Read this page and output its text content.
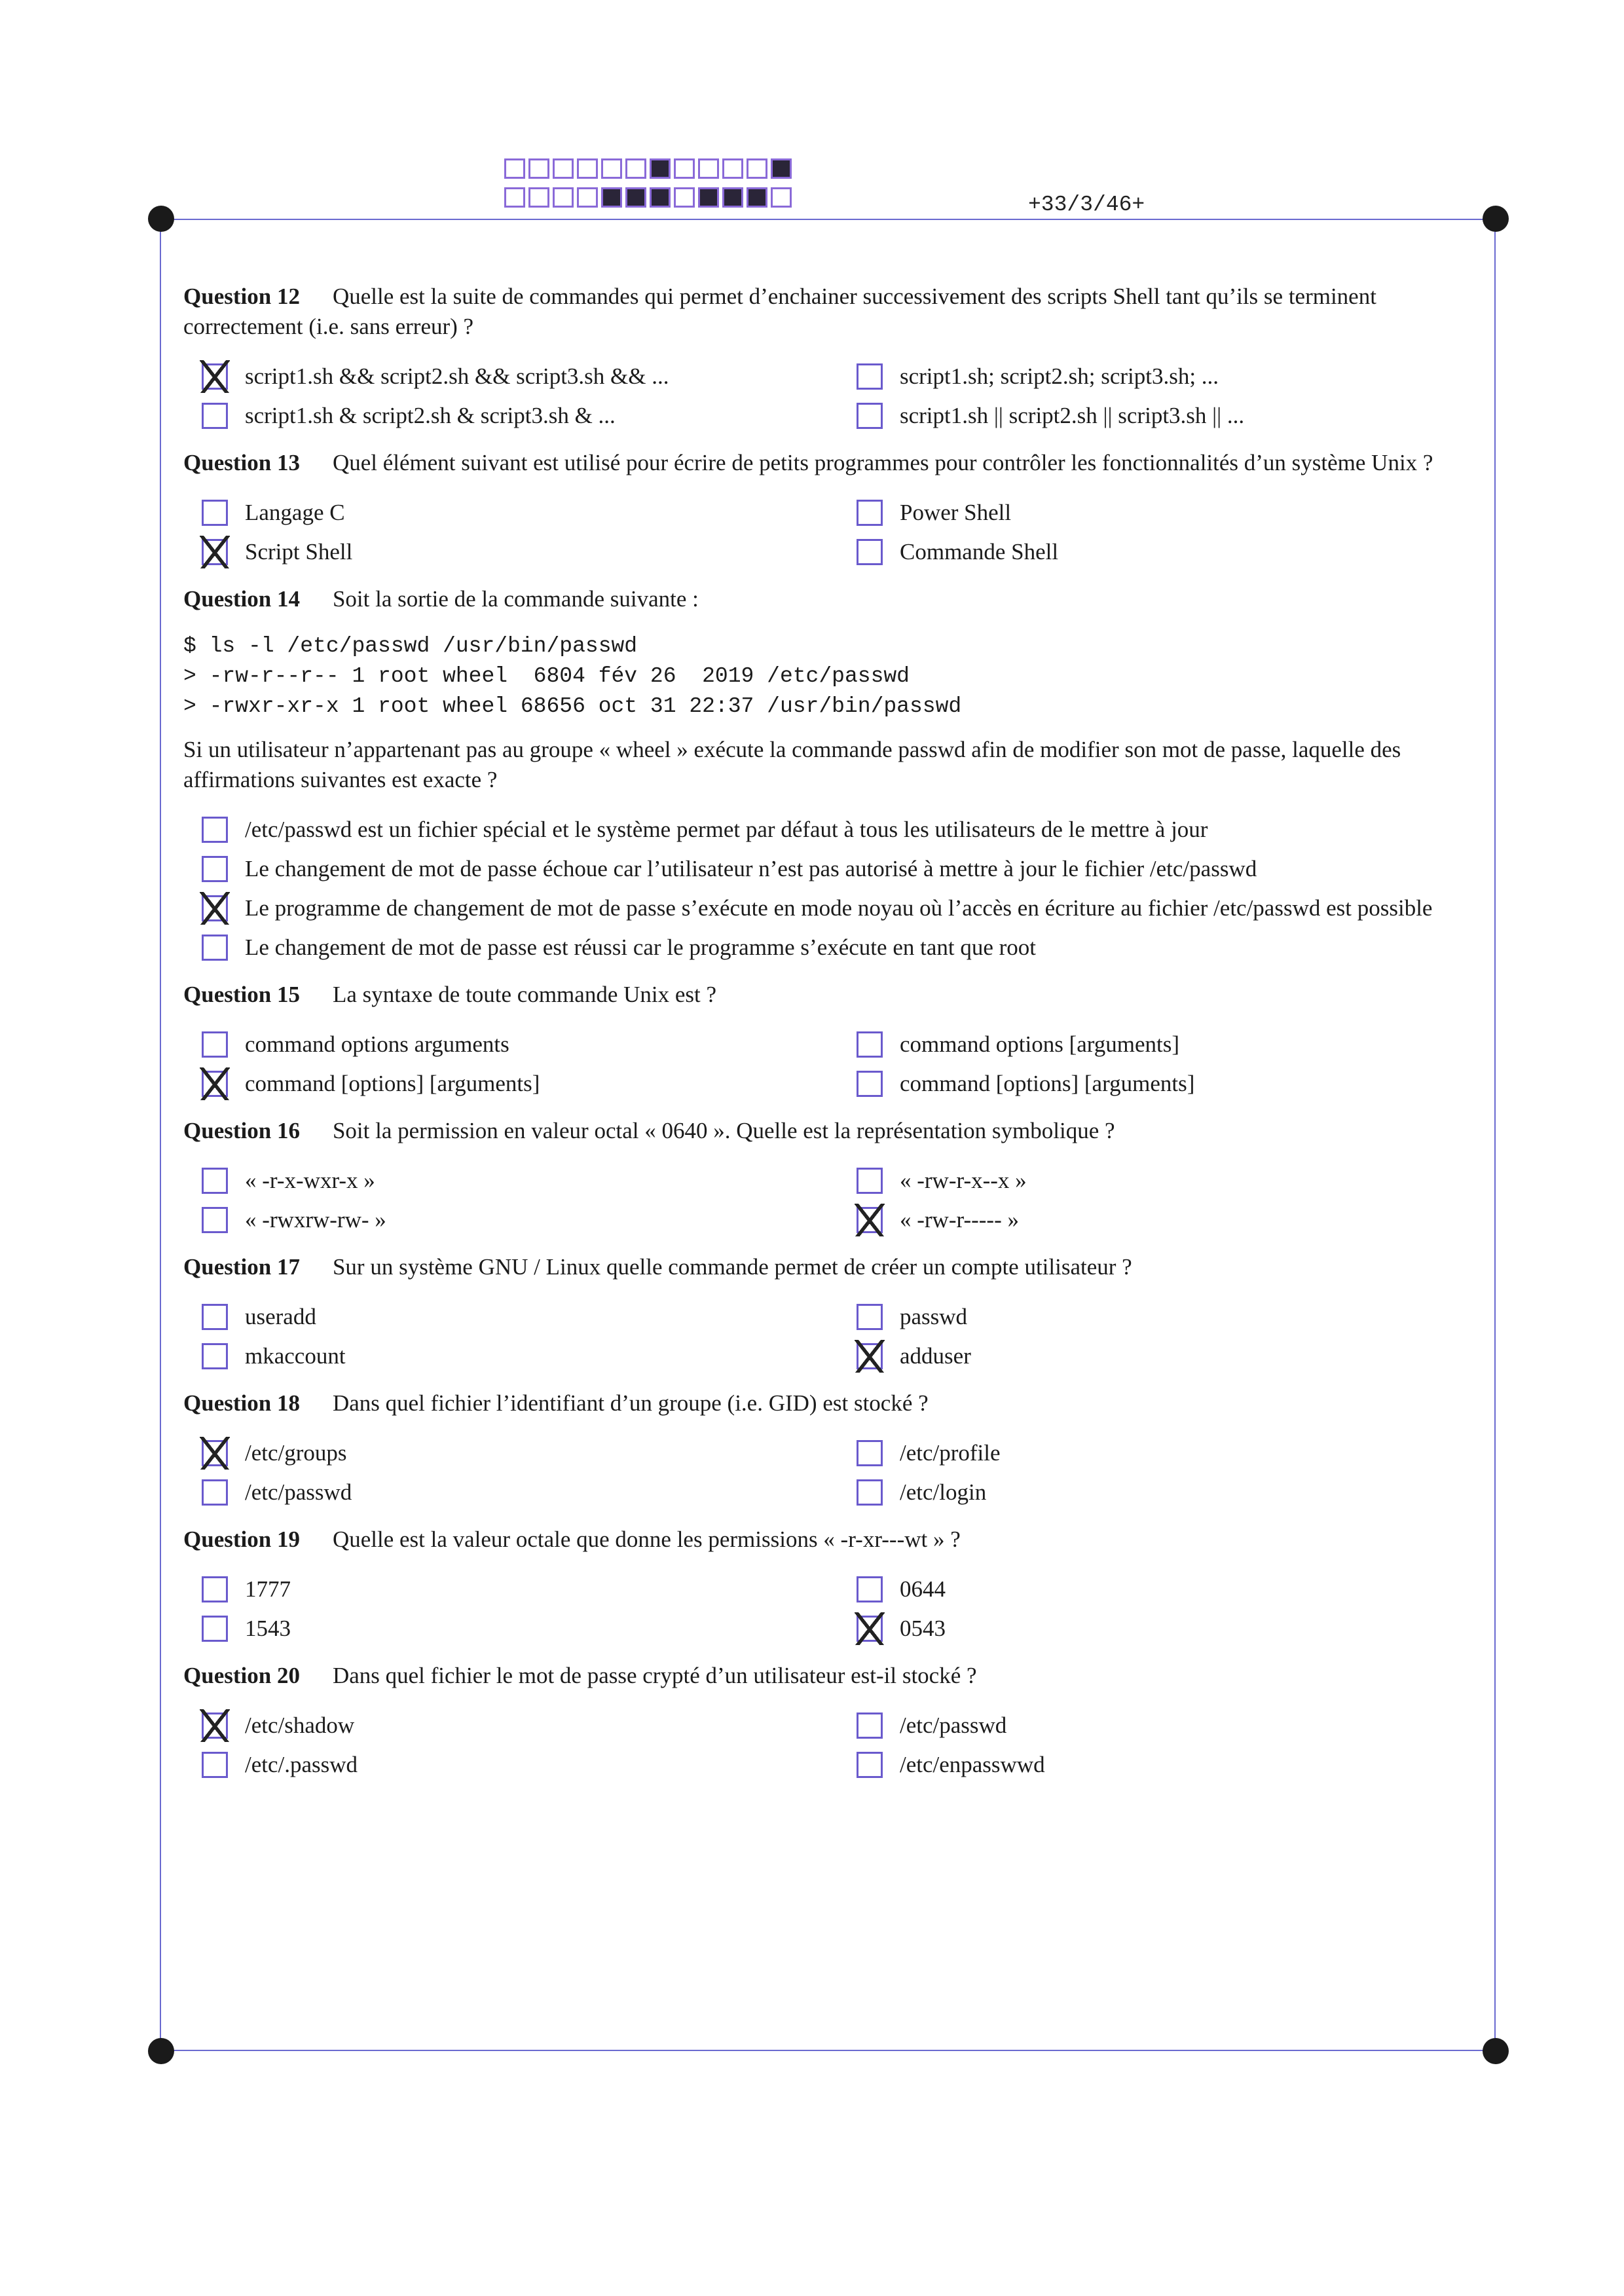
+33/3/46+

Question 12 Quelle est la suite de commandes qui permet d’enchainer successivement des scripts Shell tant qu’ils se terminent correctement (i.e. sans erreur) ?

script1.sh && script2.sh && script3.sh && ...	script1.sh; script2.sh; script3.sh; ...
script1.sh & script2.sh & script3.sh & ...	script1.sh || script2.sh || script3.sh || ...

Question 13 Quel élément suivant est utilisé pour écrire de petits programmes pour contrôler les fonctionnalités d’un système Unix ?

Langage C	Power Shell
Script Shell	Commande Shell

Question 14 Soit la sortie de la commande suivante :

$ ls -l /etc/passwd /usr/bin/passwd
> -rw-r--r-- 1 root wheel  6804 fév 26  2019 /etc/passwd
> -rwxr-xr-x 1 root wheel 68656 oct 31 22:37 /usr/bin/passwd

Si un utilisateur n’appartenant pas au groupe « wheel » exécute la commande passwd afin de modifier son mot de passe, laquelle des affirmations suivantes est exacte ?

/etc/passwd est un fichier spécial et le système permet par défaut à tous les utilisateurs de le mettre à jour
Le changement de mot de passe échoue car l’utilisateur n’est pas autorisé à mettre à jour le fichier /etc/passwd
Le programme de changement de mot de passe s’exécute en mode noyau où l’accès en écriture au fichier /etc/passwd est possible
Le changement de mot de passe est réussi car le programme s’exécute en tant que root

Question 15 La syntaxe de toute commande Unix est ?

command options arguments	command options [arguments]
command [options] [arguments]	command [options] [arguments]

Question 16 Soit la permission en valeur octal « 0640 ». Quelle est la représentation symbolique ?

« -r-x-wxr-x »	« -rw-r-x--x »
« -rwxrw-rw- »	« -rw-r----- »

Question 17 Sur un système GNU / Linux quelle commande permet de créer un compte utilisateur ?

useradd	passwd
mkaccount	adduser

Question 18 Dans quel fichier l’identifiant d’un groupe (i.e. GID) est stocké ?

/etc/groups	/etc/profile
/etc/passwd	/etc/login

Question 19 Quelle est la valeur octale que donne les permissions « -r-xr---wt » ?

1777	0644
1543	0543

Question 20 Dans quel fichier le mot de passe crypté d’un utilisateur est-il stocké ?

/etc/shadow	/etc/passwd
/etc/.passwd	/etc/enpasswwd
